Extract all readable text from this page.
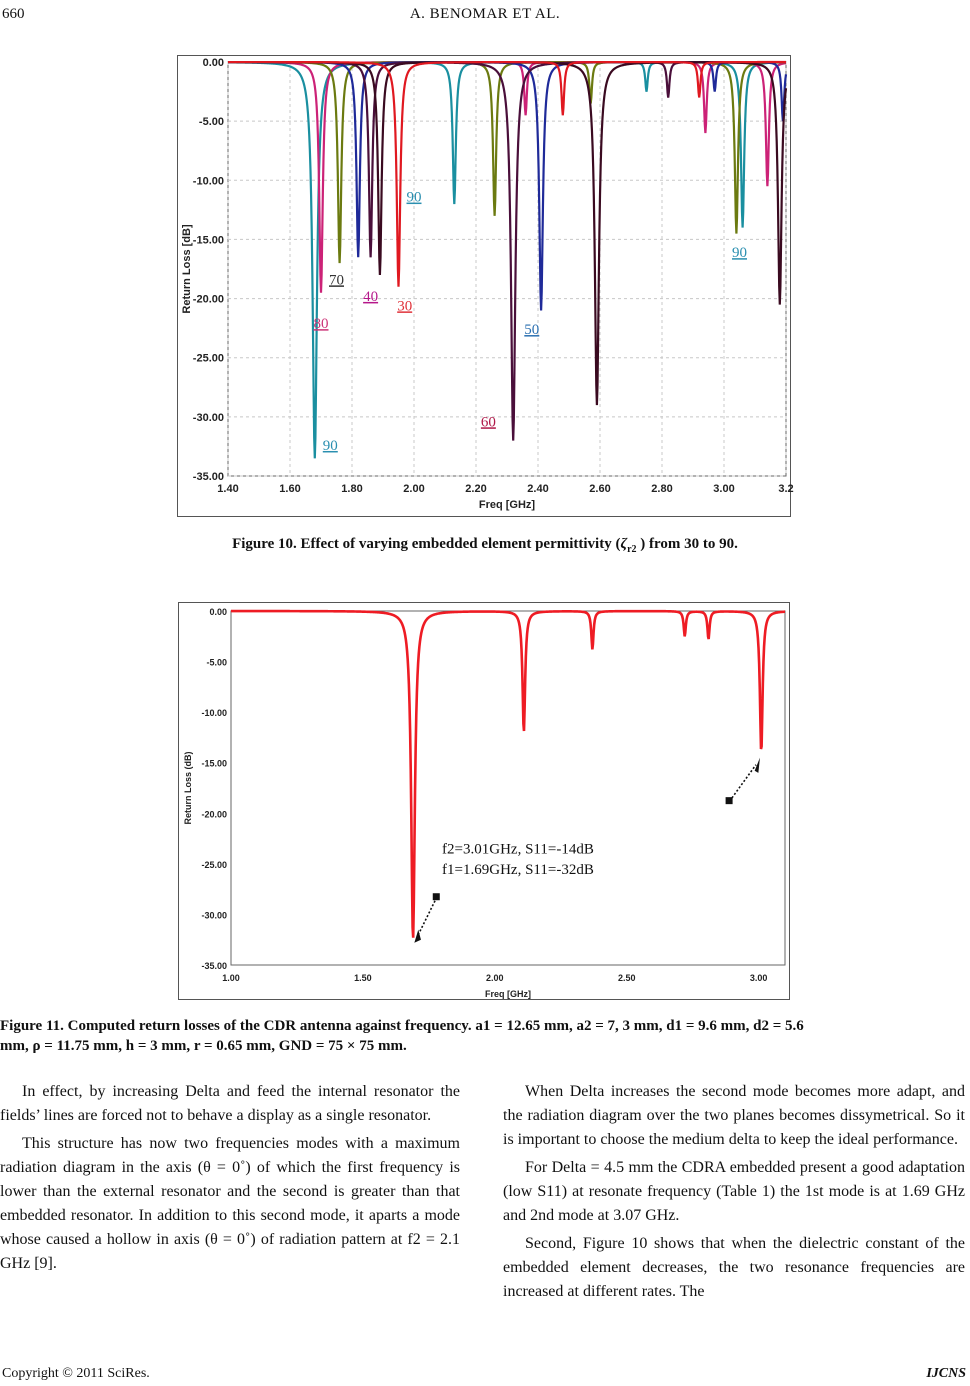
660	A. BENOMAR ET AL.
1.40	1.60	1.80	2.00	2.20	2.40	2.60	2.80	3.00	3.2
0.00
-5.00
-10.00
-15.00
-20.00
-25.00
-30.00
-35.00
Freq [GHz]
Return Loss [dB]
90
80
70
40
30
90
50
60
90
Figure 10. Effect of varying embedded element permittivity ($\zeta_{r2}$ ) from 30 to 90.
1.00	1.50	2.00	2.50	3.00
0.00
-5.00
-10.00
-15.00
-20.00
-25.00
-30.00
-35.00
Freq [GHz]
Return Loss (dB)
f2=3.01GHz, S11=-14dB
f1=1.69GHz, S11=-32dB
Figure 11. Computed return losses of the CDR antenna against frequency. a1 = 12.65 mm, a2 = 7, 3 mm, d1 = 9.6 mm, d2 = 5.6
mm, ρ = 11.75 mm, h = 3 mm, r = 0.65 mm, GND = 75 × 75 mm.

In effect, by increasing Delta and feed the internal resonator the fields’ lines are forced not to behave a display as a single resonator.

This structure has now two frequencies modes with a maximum radiation diagram in the axis (θ = 0˚) of which the first frequency is lower than the external resonator and the second is greater than that embedded resonator. In addition to this second mode, it aparts a mode whose caused a hollow in axis (θ = 0˚) of radiation pattern at f2 = 2.1 GHz [9].

When Delta increases the second mode becomes more adapt, and the radiation diagram over the two planes becomes dissymetrical. So it is important to choose the medium delta to keep the ideal performance.

For Delta = 4.5 mm the CDRA embedded present a good adaptation (low S11) at resonate frequency (Table 1) the 1st mode is at 1.69 GHz and 2nd mode at 3.07 GHz.

Second, Figure 10 shows that when the dielectric constant of the embedded element decreases, the two resonance frequencies are increased at different rates. The

Copyright © 2011 SciRes.	IJCNS
